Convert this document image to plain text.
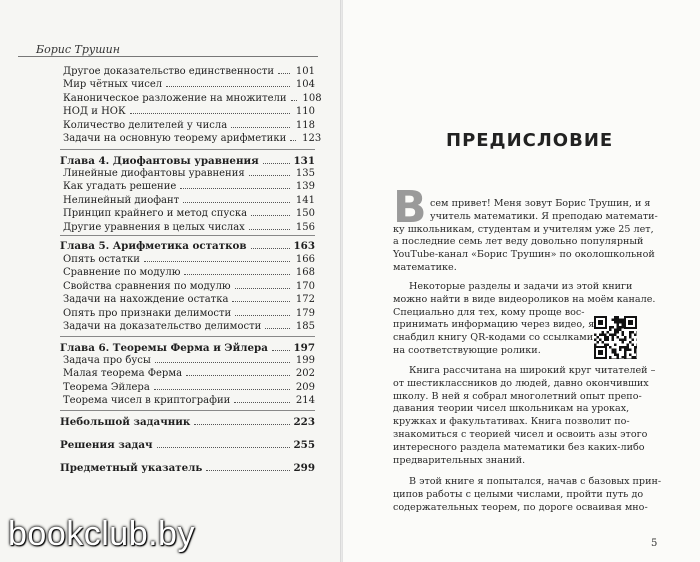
Борис Трушин
Другое доказательство единственности 101
Мир чётных чисел	104
Каноническое разложение на множители 108
НОД и НОК	110
Количество делителей у числа	118
Задачи на основную теорему арифметики 123
Глава 4. Диофантовы уравнения	131
Линейные диофантовы уравнения	135
Как угадать решение	139
Нелинейный диофант	141
Принцип крайнего и метод спуска	150
Другие уравнения в целых числах	156
Глава 5. Арифметика остатков	163
Опять остатки	166
Сравнение по модулю	168
Свойства сравнения по модулю	170
Задачи на нахождение остатка	172
Опять про признаки делимости	179
Задачи на доказательство делимости	185
Глава 6. Теоремы Ферма и Эйлера 197
Задача про бусы	199
Малая теорема Ферма	202
Теорема Эйлера	209
Теорема чисел в криптографии	214
Небольшой задачник	223
Решения задач	255
Предметный указатель	299
bookclub.by
ПРЕДИСЛОВИЕ
В сем привет! Меня зовут Борис Трушин, и я
учитель математики. Я преподаю математи-
ку школьникам, студентам и учителям уже 25 лет,
а последние семь лет веду довольно популярный
YouTube-канал «Борис Трушин» по околошкольной
математике.
Некоторые разделы и задачи из этой книги
можно найти в виде видеороликов на моём канале.
Специально для тех, кому проще вос-
принимать информацию через видео, я
снабдил книгу QR-кодами со ссылками
на соответствующие ролики.
Книга рассчитана на широкий круг читателей –
от шестиклассников до людей, давно окончивших
школу. В ней я собрал многолетний опыт препо-
давания теории чисел школьникам на уроках,
кружках и факультативах. Книга позволит по-
знакомиться с теорией чисел и освоить азы этого
интересного раздела математики без каких-либо
предварительных знаний.
В этой книге я попытался, начав с базовых прин-
ципов работы с целыми числами, пройти путь до
содержательных теорем, по дороге осваивая мно-
5
